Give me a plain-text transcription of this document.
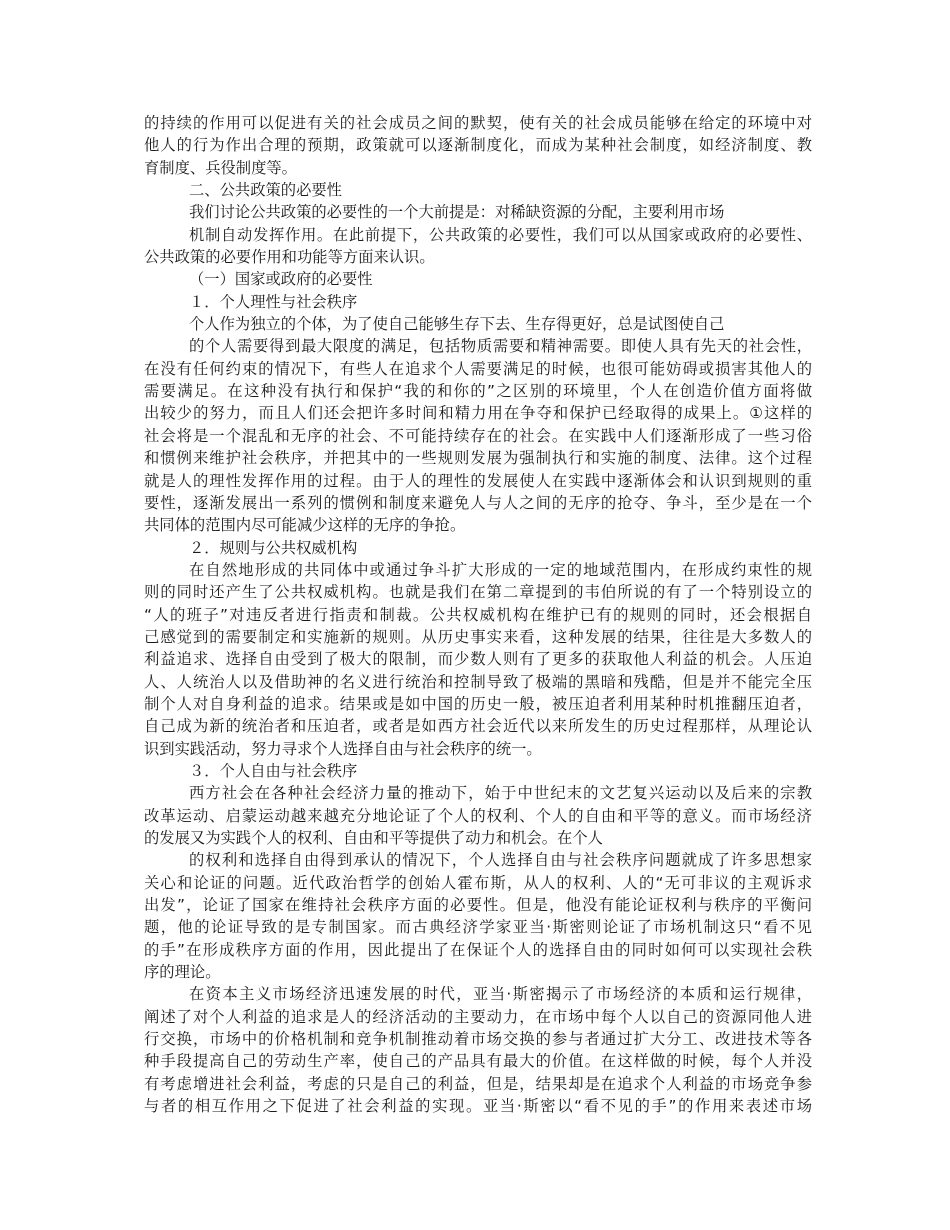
的持续的作用可以促进有关的社会成员之间的默契，使有关的社会成员能够在给定的环境中对
他人的行为作出合理的预期，政策就可以逐渐制度化，而成为某种社会制度，如经济制度、教
育制度、兵役制度等。
二、公共政策的必要性
我们讨论公共政策的必要性的一个大前提是：对稀缺资源的分配，主要利用市场
机制自动发挥作用。在此前提下，公共政策的必要性，我们可以从国家或政府的必要性、
公共政策的必要作用和功能等方面来认识。
（一）国家或政府的必要性
１．个人理性与社会秩序
个人作为独立的个体，为了使自己能够生存下去、生存得更好，总是试图使自己
的个人需要得到最大限度的满足，包括物质需要和精神需要。即使人具有先天的社会性，
在没有任何约束的情况下，有些人在追求个人需要满足的时候，也很可能妨碍或损害其他人的
需要满足。在这种没有执行和保护“我的和你的”之区别的环境里，个人在创造价值方面将做
出较少的努力，而且人们还会把许多时间和精力用在争夺和保护已经取得的成果上。①这样的
社会将是一个混乱和无序的社会、不可能持续存在的社会。在实践中人们逐渐形成了一些习俗
和惯例来维护社会秩序，并把其中的一些规则发展为强制执行和实施的制度、法律。这个过程
就是人的理性发挥作用的过程。由于人的理性的发展使人在实践中逐渐体会和认识到规则的重
要性，逐渐发展出一系列的惯例和制度来避免人与人之间的无序的抢夺、争斗，至少是在一个
共同体的范围内尽可能减少这样的无序的争抢。
２．规则与公共权威机构
在自然地形成的共同体中或通过争斗扩大形成的一定的地域范围内，在形成约束性的规
则的同时还产生了公共权威机构。也就是我们在第二章提到的韦伯所说的有了一个特别设立的
“人的班子”对违反者进行指责和制裁。公共权威机构在维护已有的规则的同时，还会根据自
己感觉到的需要制定和实施新的规则。从历史事实来看，这种发展的结果，往往是大多数人的
利益追求、选择自由受到了极大的限制，而少数人则有了更多的获取他人利益的机会。人压迫
人、人统治人以及借助神的名义进行统治和控制导致了极端的黑暗和残酷，但是并不能完全压
制个人对自身利益的追求。结果或是如中国的历史一般，被压迫者利用某种时机推翻压迫者，
自己成为新的统治者和压迫者，或者是如西方社会近代以来所发生的历史过程那样，从理论认
识到实践活动，努力寻求个人选择自由与社会秩序的统一。
３．个人自由与社会秩序
西方社会在各种社会经济力量的推动下，始于中世纪末的文艺复兴运动以及后来的宗教
改革运动、启蒙运动越来越充分地论证了个人的权利、个人的自由和平等的意义。而市场经济
的发展又为实践个人的权利、自由和平等提供了动力和机会。在个人
的权利和选择自由得到承认的情况下，个人选择自由与社会秩序问题就成了许多思想家
关心和论证的问题。近代政治哲学的创始人霍布斯，从人的权利、人的“无可非议的主观诉求
出发”，论证了国家在维持社会秩序方面的必要性。但是，他没有能论证权利与秩序的平衡问
题，他的论证导致的是专制国家。而古典经济学家亚当·斯密则论证了市场机制这只“看不见
的手”在形成秩序方面的作用，因此提出了在保证个人的选择自由的同时如何可以实现社会秩
序的理论。
在资本主义市场经济迅速发展的时代，亚当·斯密揭示了市场经济的本质和运行规律，
阐述了对个人利益的追求是人的经济活动的主要动力，在市场中每个人以自己的资源同他人进
行交换，市场中的价格机制和竞争机制推动着市场交换的参与者通过扩大分工、改进技术等各
种手段提高自己的劳动生产率，使自己的产品具有最大的价值。在这样做的时候，每个人并没
有考虑增进社会利益，考虑的只是自己的利益，但是，结果却是在追求个人利益的市场竞争参
与者的相互作用之下促进了社会利益的实现。亚当·斯密以“看不见的手”的作用来表述市场
